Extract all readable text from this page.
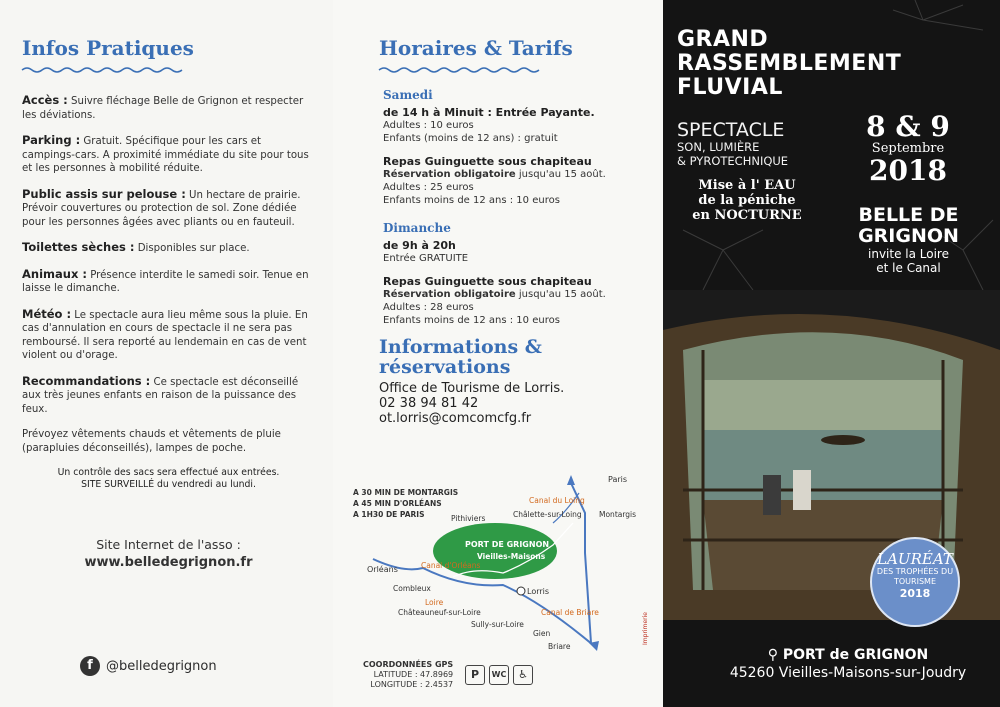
Infos Pratiques

Accès : Suivre fléchage Belle de Grignon et respecter les déviations.

Parking : Gratuit. Spécifique pour les cars et campings-cars. A proximité immédiate du site pour tous et les personnes à mobilité réduite.

Public assis sur pelouse : Un hectare de prairie. Prévoir couvertures ou protection de sol. Zone dédiée pour les personnes âgées avec pliants ou en fauteuil.

Toilettes sèches : Disponibles sur place.

Animaux : Présence interdite le samedi soir. Tenue en laisse le dimanche.

Météo : Le spectacle aura lieu même sous la pluie. En cas d'annulation en cours de spectacle il ne sera pas remboursé. Il sera reporté au lendemain en cas de vent violent ou d'orage.

Recommandations : Ce spectacle est déconseillé aux très jeunes enfants en raison de la puissance des feux.

Prévoyez vêtements chauds et vêtements de pluie (parapluies déconseillés), lampes de poche.

Un contrôle des sacs sera effectué aux entrées.
SITE SURVEILLÉ du vendredi au lundi.
Site Internet de l'asso :
www.belledegrignon.fr
f	@belledegrignon
Horaires & Tarifs
Samedi
de 14 h à Minuit : Entrée Payante.
Adultes : 10 euros
Enfants (moins de 12 ans) : gratuit
Repas Guinguette sous chapiteau
Réservation obligatoire jusqu'au 15 août.
Adultes : 25 euros
Enfants moins de 12 ans : 10 euros
Dimanche
de 9h à 20h
Entrée GRATUITE
Repas Guinguette sous chapiteau
Réservation obligatoire jusqu'au 15 août.
Adultes : 28 euros
Enfants moins de 12 ans : 10 euros
Informations &
réservations
Office de Tourisme de Lorris.
02 38 94 81 42
ot.lorris@comcomcfg.fr
A 30 MIN DE MONTARGIS
A 45 MIN D'ORLÉANS
A 1H30 DE PARIS
Paris
Canal du Loing
Châlette-sur-Loing Montargis
Pithiviers
PORT DE GRIGNON
Vieilles-Maisons
Orléans	Canal d'Orléans
Lorris
Combleux
Loire
Châteauneuf-sur-Loire	Canal de Briare
Sully-sur-Loire
Gien
Briare
COORDONNÉES GPS
LATITUDE : 47.8969
LONGITUDE : 2.4537
P	WC	♿
GRAND
RASSEMBLEMENT
FLUVIAL
SPECTACLE
SON, LUMIÈRE
& PYROTECHNIQUE
Mise à l' EAU
de la péniche
en NOCTURNE
8 & 9
Septembre
2018
BELLE DE
GRIGNON
invite la Loire
et le Canal
LAURÉAT
DES TROPHÉES DU TOURISME
2018
⚲ PORT de GRIGNON
45260 Vieilles-Maisons-sur-Joudry
Imprimerie
